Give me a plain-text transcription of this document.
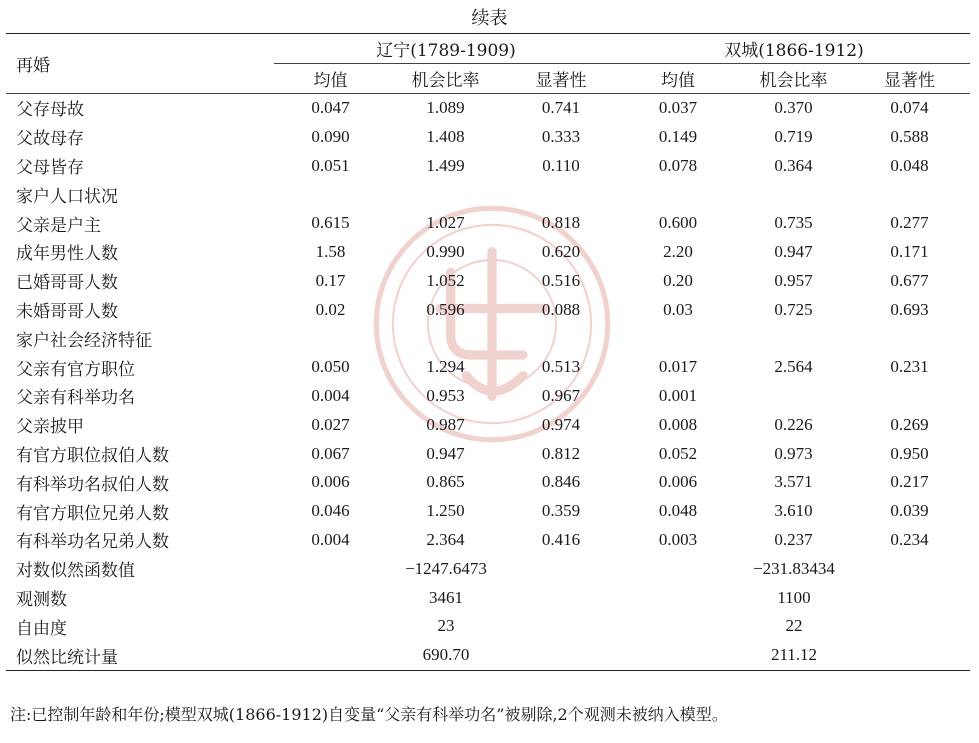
续表
再婚	辽宁(1789-1909)			双城(1866-1912)		
	均值	机会比率	显著性	均值	机会比率	显著性
父存母故	0.047	1.089	0.741	0.037	0.370	0.074
父故母存	0.090	1.408	0.333	0.149	0.719	0.588
父母皆存	0.051	1.499	0.110	0.078	0.364	0.048
家户人口状况						
父亲是户主	0.615	1.027	0.818	0.600	0.735	0.277
成年男性人数	1.58	0.990	0.620	2.20	0.947	0.171
已婚哥哥人数	0.17	1.052	0.516	0.20	0.957	0.677
未婚哥哥人数	0.02	0.596	0.088	0.03	0.725	0.693
家户社会经济特征						
父亲有官方职位	0.050	1.294	0.513	0.017	2.564	0.231
父亲有科举功名	0.004	0.953	0.967	0.001		
父亲披甲	0.027	0.987	0.974	0.008	0.226	0.269
有官方职位叔伯人数	0.067	0.947	0.812	0.052	0.973	0.950
有科举功名叔伯人数	0.006	0.865	0.846	0.006	3.571	0.217
有官方职位兄弟人数	0.046	1.250	0.359	0.048	3.610	0.039
有科举功名兄弟人数	0.004	2.364	0.416	0.003	0.237	0.234
对数似然函数值	−1247.6473			−231.83434		
观测数	3461			1100		
自由度	23			22		
似然比统计量	690.70			211.12		
注:已控制年龄和年份;模型双城(1866-1912)自变量“父亲有科举功名”被剔除,2个观测未被纳入模型。
